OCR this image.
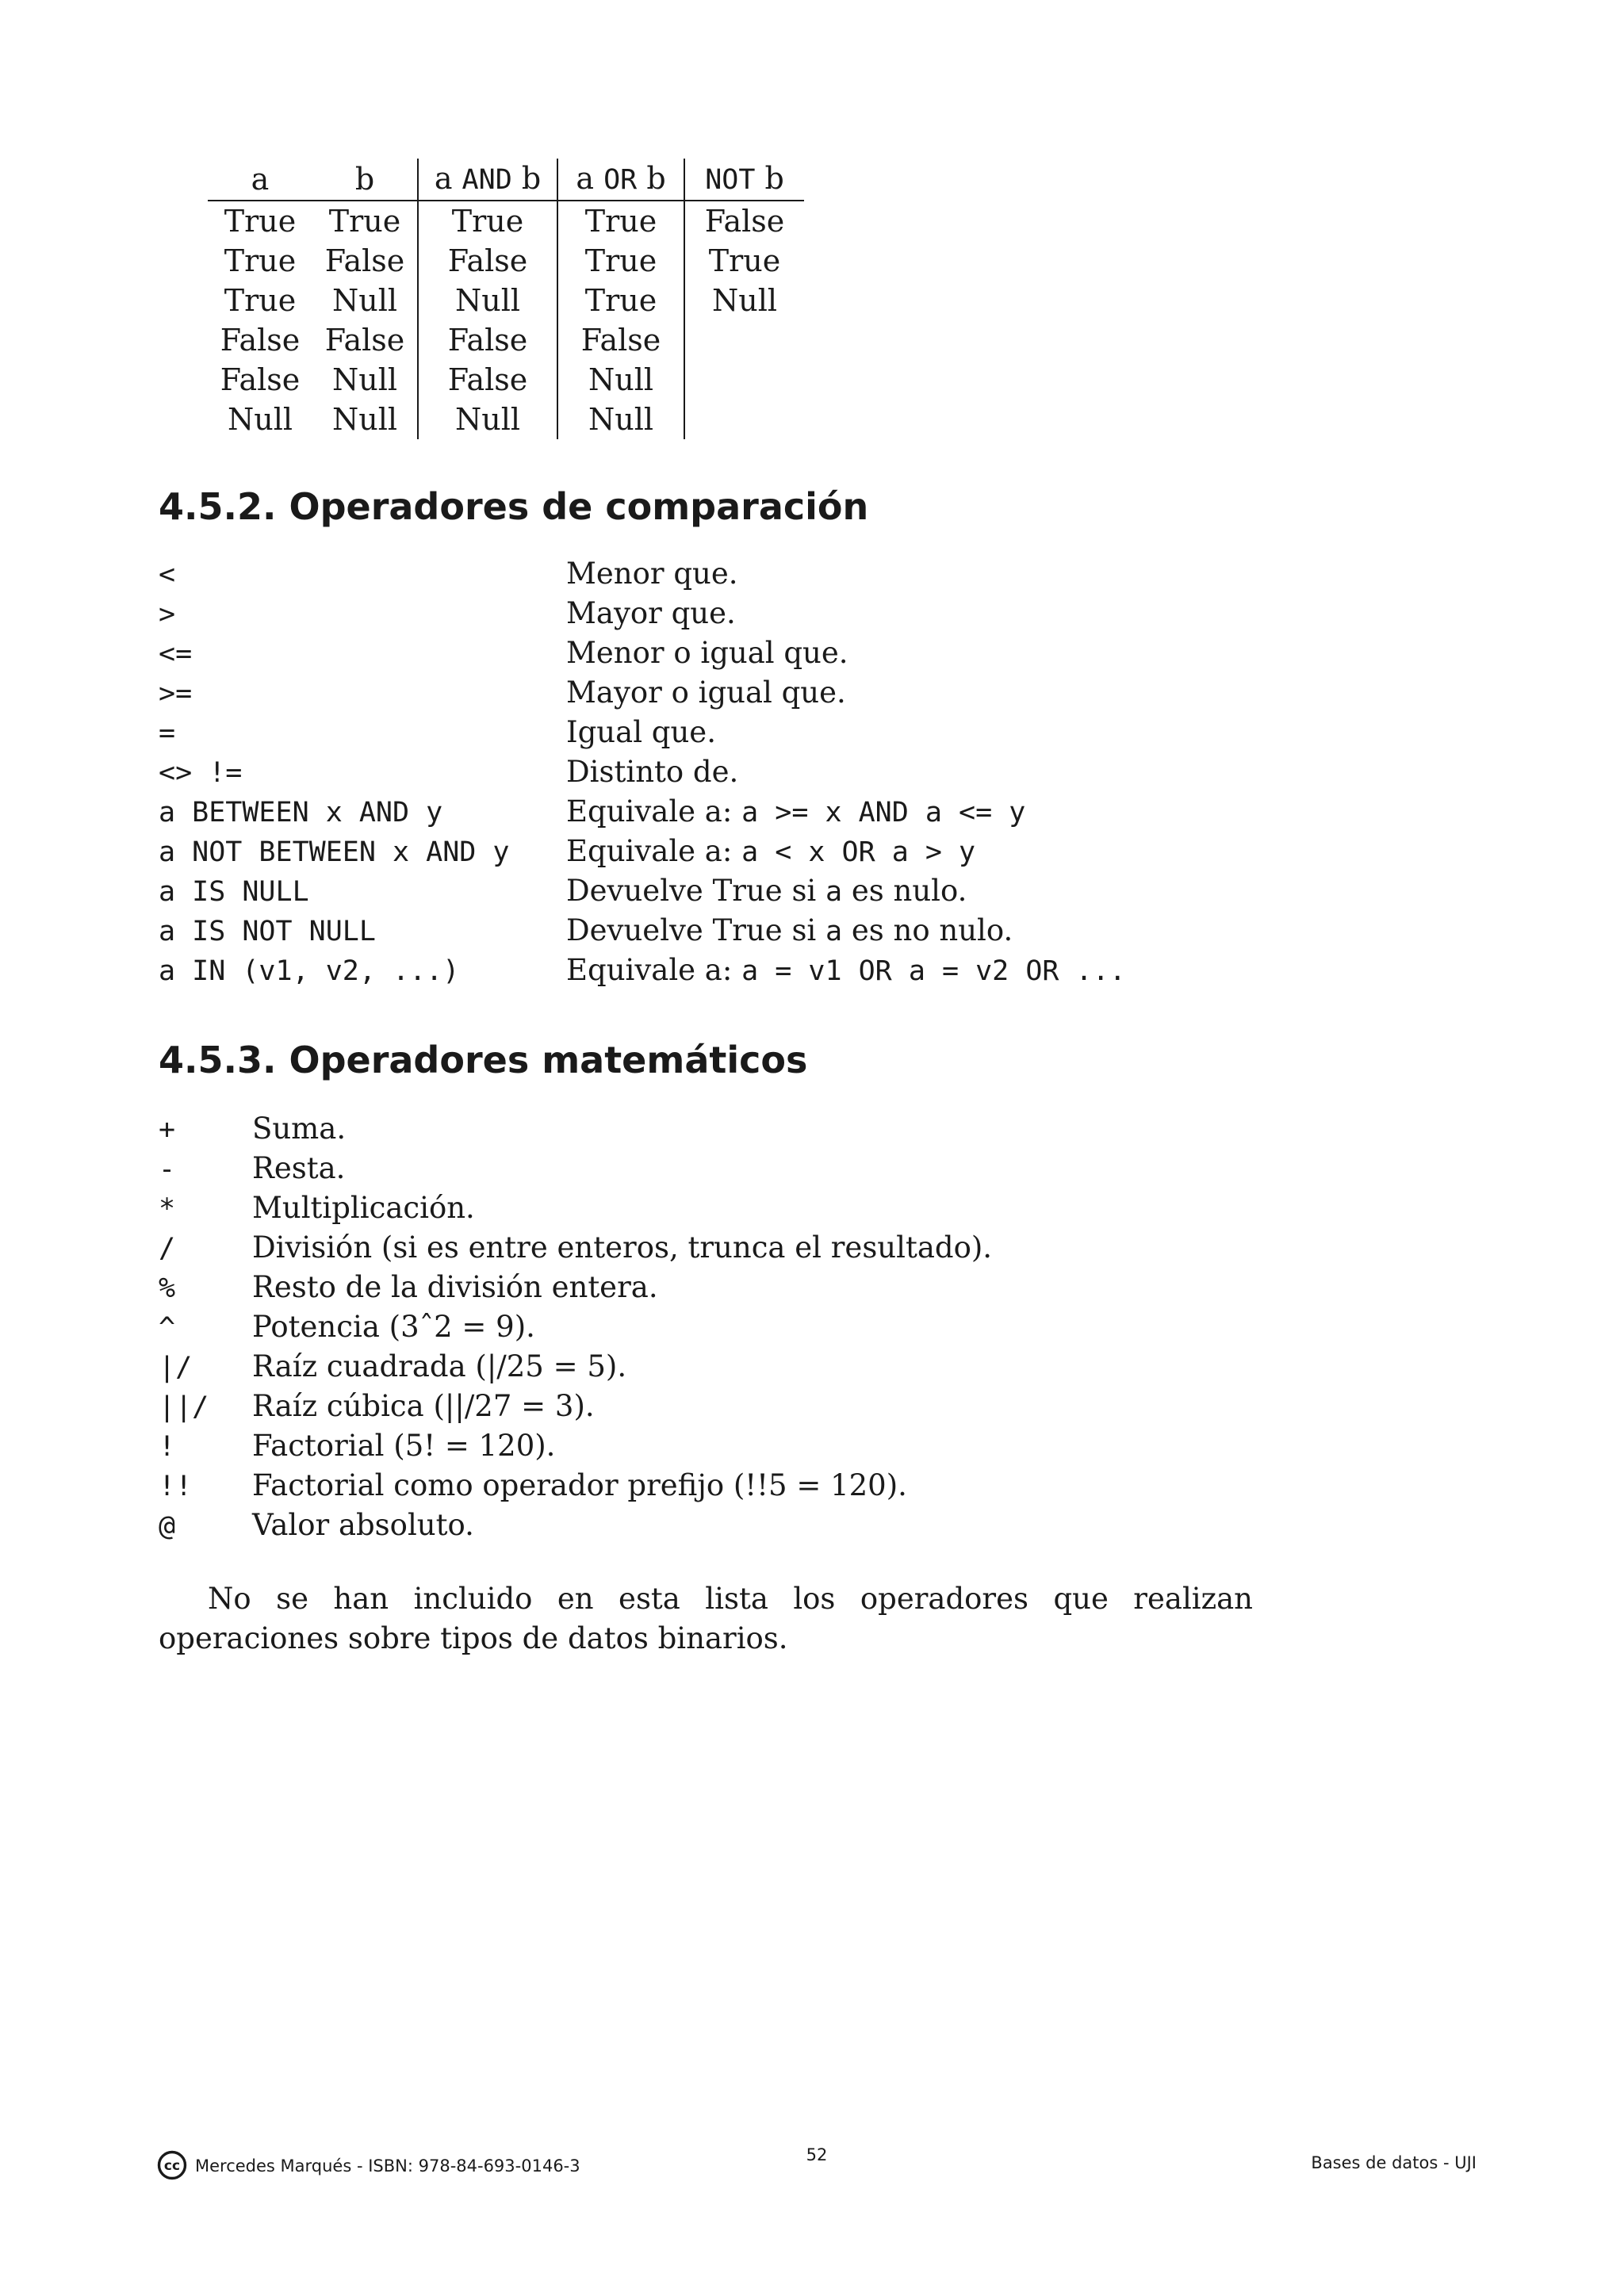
a	b	a AND b	a OR b	NOT b
True	True	True	True	False
True	False	False	True	True
True	Null	Null	True	Null
False	False	False	False	
False	Null	False	Null	
Null	Null	Null	Null	
4.5.2. Operadores de comparación
<	Menor que.
>	Mayor que.
<=	Menor o igual que.
>=	Mayor o igual que.
=	Igual que.
<> !=	Distinto de.
a BETWEEN x AND y	Equivale a: a >= x AND a <= y
a NOT BETWEEN x AND y	Equivale a: a < x OR a > y
a IS NULL	Devuelve True si a es nulo.
a IS NOT NULL	Devuelve True si a es no nulo.
a IN (v1, v2, ...)	Equivale a: a = v1 OR a = v2 OR ...
4.5.3. Operadores matemáticos
+	Suma.
-	Resta.
*	Multiplicación.
/	División (si es entre enteros, trunca el resultado).
%	Resto de la división entera.
^	Potencia (3ˆ2 = 9).
|/	Raíz cuadrada (|/25 = 5).
||/	Raíz cúbica (||/27 = 3).
!	Factorial (5! = 120).
!!	Factorial como operador prefijo (!!5 = 120).
@	Valor absoluto.

No se han incluido en esta lista los operadores que realizan operaciones sobre tipos de datos binarios.

cc Mercedes Marqués - ISBN: 978-84-693-0146-3
52	Bases de datos - UJI
